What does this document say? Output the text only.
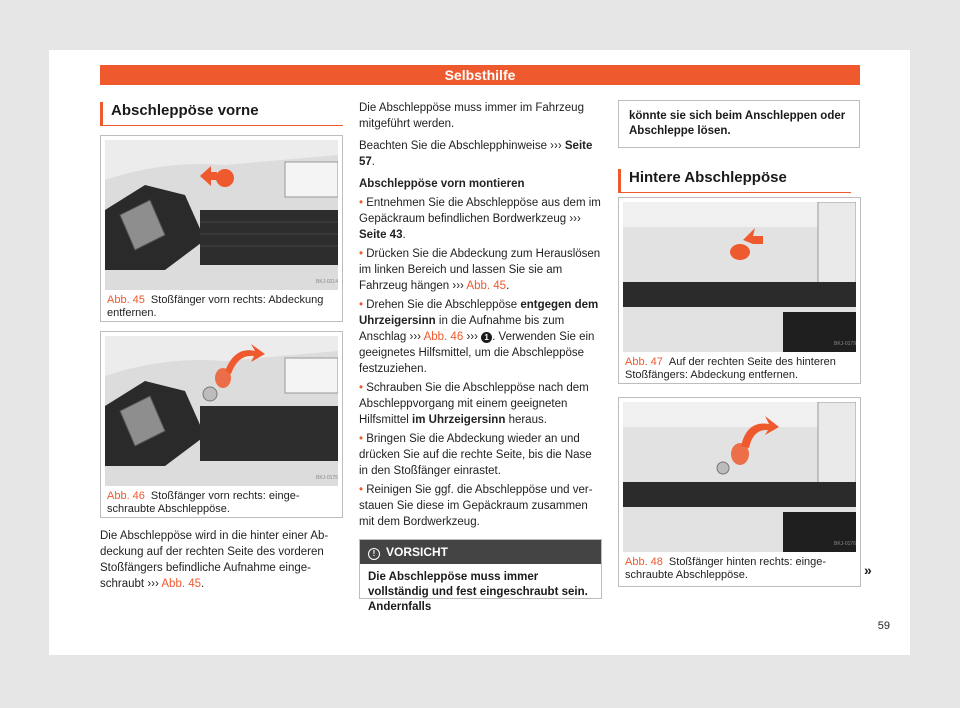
Selbsthilfe
Abschleppöse vorne
BKJ-0214
Abb. 45 Stoßfänger vorn rechts: Abdeckung entfernen.
BKJ-0175
Abb. 46 Stoßfänger vorn rechts: eingeschraubte Abschleppöse.

Die Abschleppöse wird in die hinter einer Abdeckung auf der rechten Seite des vorderen Stoßfängers befindliche Aufnahme eingeschraubt ››› Abb. 45.

Die Abschleppöse muss immer im Fahrzeug mitgeführt werden.

Beachten Sie die Abschlepphinweise ››› Seite 57.

Abschleppöse vorn montieren

• Entnehmen Sie die Abschleppöse aus dem im Gepäckraum befindlichen Bordwerkzeug ››› Seite 43.

• Drücken Sie die Abdeckung zum Herauslösen im linken Bereich und lassen Sie sie am Fahrzeug hängen ››› Abb. 45.

• Drehen Sie die Abschleppöse entgegen dem Uhrzeigersinn in die Aufnahme bis zum Anschlag ››› Abb. 46 ››› 1 . Verwenden Sie ein geeignetes Hilfsmittel, um die Abschleppöse festzuziehen.

• Schrauben Sie die Abschleppöse nach dem Abschleppvorgang mit einem geeigneten Hilfsmittel im Uhrzeigersinn heraus.

• Bringen Sie die Abdeckung wieder an und drücken Sie auf die rechte Seite, bis die Nase in den Stoßfänger einrastet.

• Reinigen Sie ggf. die Abschleppöse und verstauen Sie diese im Gepäckraum zusammen mit dem Bordwerkzeug.

! VORSICHT
Die Abschleppöse muss immer vollständig und fest eingeschraubt sein. Andernfalls
könnte sie sich beim Anschleppen oder Abschleppe lösen.
Hintere Abschleppöse
BKJ-0179
Abb. 47 Auf der rechten Seite des hinteren Stoßfängers: Abdeckung entfernen.
BKJ-0176
Abb. 48 Stoßfänger hinten rechts: eingeschraubte Abschleppöse.	»
59
